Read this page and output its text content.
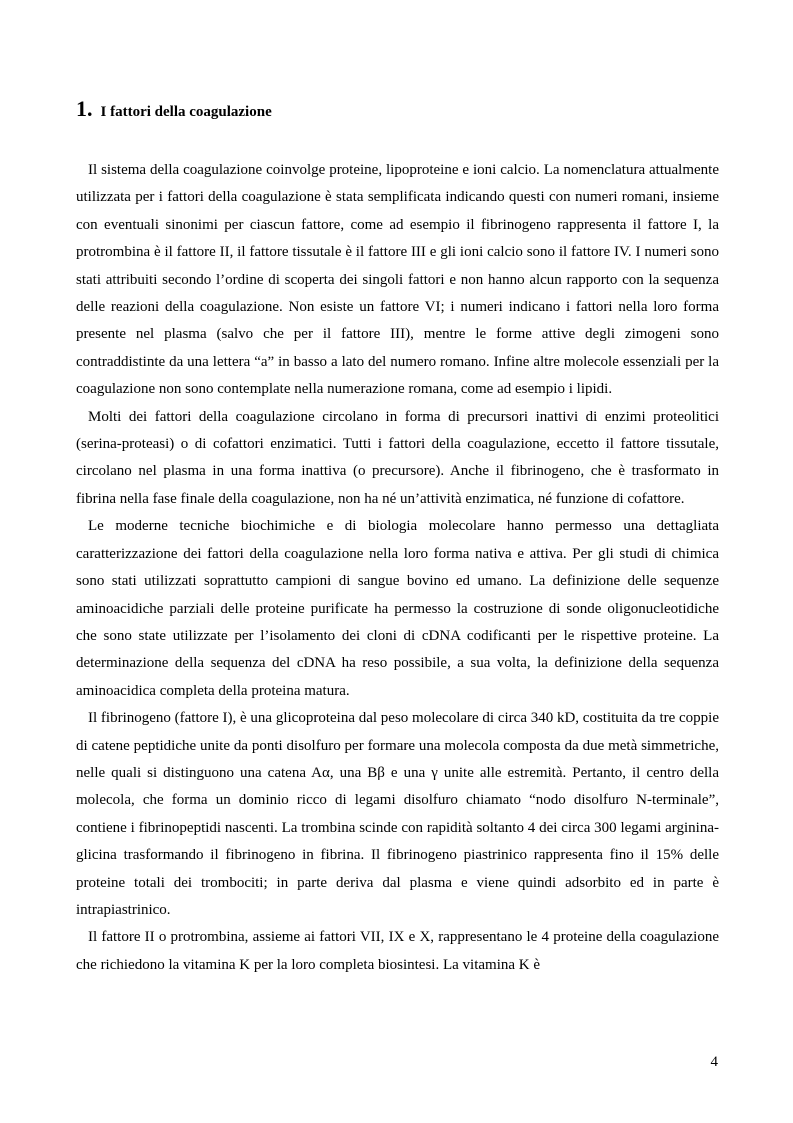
1. I fattori della coagulazione

Il sistema della coagulazione coinvolge proteine, lipoproteine e ioni calcio. La nomenclatura attualmente utilizzata per i fattori della coagulazione è stata semplificata indicando questi con numeri romani, insieme con eventuali sinonimi per ciascun fattore, come ad esempio il fibrinogeno rappresenta il fattore I, la protrombina è il fattore II, il fattore tissutale è il fattore III e gli ioni calcio sono il fattore IV. I numeri sono stati attribuiti secondo l’ordine di scoperta dei singoli fattori e non hanno alcun rapporto con la sequenza delle reazioni della coagulazione. Non esiste un fattore VI; i numeri indicano i fattori nella loro forma presente nel plasma (salvo che per il fattore III), mentre le forme attive degli zimogeni sono contraddistinte da una lettera “a” in basso a lato del numero romano. Infine altre molecole essenziali per la coagulazione non sono contemplate nella numerazione romana, come ad esempio i lipidi.

Molti dei fattori della coagulazione circolano in forma di precursori inattivi di enzimi proteolitici (serina-proteasi) o di cofattori enzimatici. Tutti i fattori della coagulazione, eccetto il fattore tissutale, circolano nel plasma in una forma inattiva (o precursore). Anche il fibrinogeno, che è trasformato in fibrina nella fase finale della coagulazione, non ha né un’attività enzimatica, né funzione di cofattore.

Le moderne tecniche biochimiche e di biologia molecolare hanno permesso una dettagliata caratterizzazione dei fattori della coagulazione nella loro forma nativa e attiva. Per gli studi di chimica sono stati utilizzati soprattutto campioni di sangue bovino ed umano. La definizione delle sequenze aminoacidiche parziali delle proteine purificate ha permesso la costruzione di sonde oligonucleotidiche che sono state utilizzate per l’isolamento dei cloni di cDNA codificanti per le rispettive proteine. La determinazione della sequenza del cDNA ha reso possibile, a sua volta, la definizione della sequenza aminoacidica completa della proteina matura.

Il fibrinogeno (fattore I), è una glicoproteina dal peso molecolare di circa 340 kD, costituita da tre coppie di catene peptidiche unite da ponti disolfuro per formare una molecola composta da due metà simmetriche, nelle quali si distinguono una catena Aα, una Bβ e una γ unite alle estremità. Pertanto, il centro della molecola, che forma un dominio ricco di legami disolfuro chiamato “nodo disolfuro N-terminale”, contiene i fibrinopeptidi nascenti. La trombina scinde con rapidità soltanto 4 dei circa 300 legami arginina-glicina trasformando il fibrinogeno in fibrina. Il fibrinogeno piastrinico rappresenta fino il 15% delle proteine totali dei trombociti; in parte deriva dal plasma e viene quindi adsorbito ed in parte è intrapiastrinico.

Il fattore II o protrombina, assieme ai fattori VII, IX e X, rappresentano le 4 proteine della coagulazione che richiedono la vitamina K per la loro completa biosintesi. La vitamina K è

4
